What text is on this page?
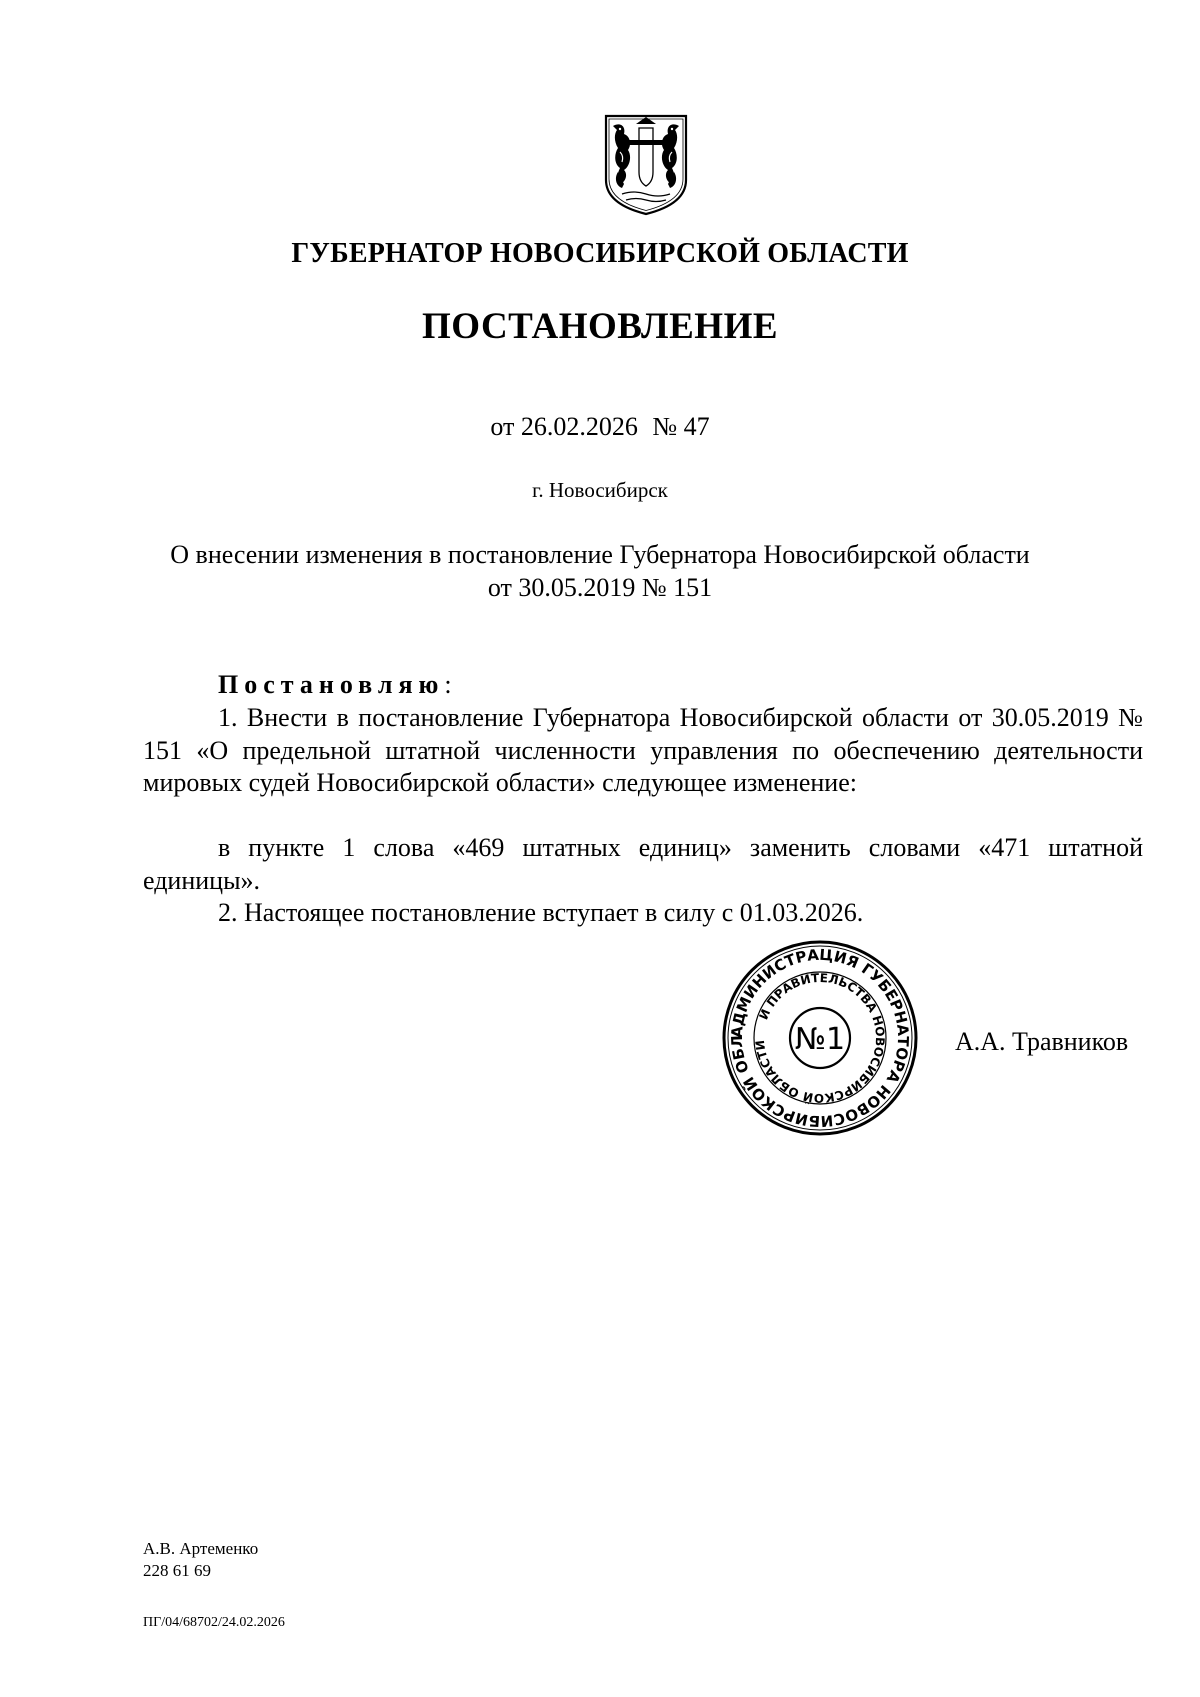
ГУБЕРНАТОР НОВОСИБИРСКОЙ ОБЛАСТИ
ПОСТАНОВЛЕНИЕ
от 26.02.2026 № 47
г. Новосибирск
О внесении изменения в постановление Губернатора Новосибирской области
от 30.05.2019 № 151
Постановляю:

1. Внести в постановление Губернатора Новосибирской области от 30.05.2019 № 151 «О предельной штатной численности управления по обеспечению деятельности мировых судей Новосибирской области» следующее изменение:

в пункте 1 слова «469 штатных единиц» заменить словами «471 штатной единицы».

2. Настоящее постановление вступает в силу с 01.03.2026.

АДМИНИСТРАЦИЯ ГУБЕРНАТОРА НОВОСИБИРСКОЙ ОБЛ
И ПРАВИТЕЛЬСТВА НОВОСИБИРСКОЙ ОБЛАСТИ №1	А.А. Травников
А.В. Артеменко
228 61 69
ПГ/04/68702/24.02.2026
